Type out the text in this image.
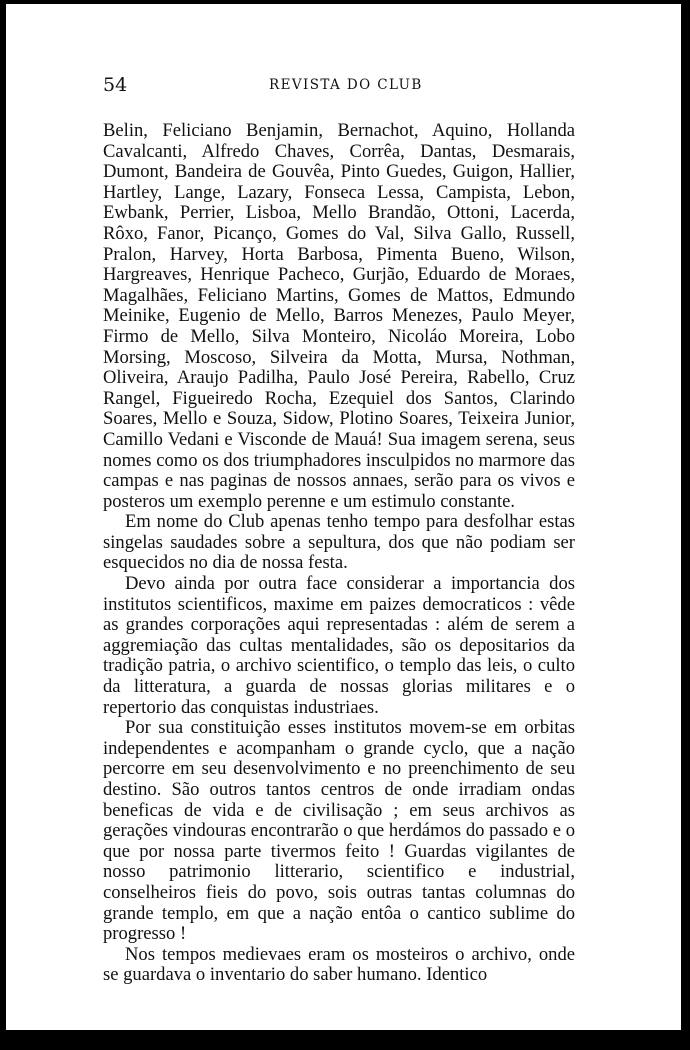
54	REVISTA DO CLUB

Belin, Feliciano Benjamin, Bernachot, Aquino, Hollanda Cavalcanti, Alfredo Chaves, Corrêa, Dantas, Desmarais, Dumont, Bandeira de Gouvêa, Pinto Guedes, Guigon, Hallier, Hartley, Lange, Lazary, Fonseca Lessa, Campista, Lebon, Ewbank, Perrier, Lisboa, Mello Brandão, Ottoni, Lacerda, Rôxo, Fanor, Picanço, Gomes do Val, Silva Gallo, Russell, Pralon, Harvey, Horta Barbosa, Pimenta Bueno, Wilson, Hargreaves, Henrique Pacheco, Gurjão, Eduardo de Moraes, Magalhães, Feliciano Martins, Gomes de Mattos, Edmundo Meinike, Eugenio de Mello, Barros Menezes, Paulo Meyer, Firmo de Mello, Silva Monteiro, Nicoláo Moreira, Lobo Morsing, Moscoso, Silveira da Motta, Mursa, Nothman, Oliveira, Araujo Padilha, Paulo José Pereira, Rabello, Cruz Rangel, Figueiredo Rocha, Ezequiel dos Santos, Clarindo Soares, Mello e Souza, Sidow, Plotino Soares, Teixeira Junior, Camillo Vedani e Visconde de Mauá! Sua imagem serena, seus nomes como os dos triumphadores insculpidos no marmore das campas e nas paginas de nossos annaes, serão para os vivos e posteros um exemplo perenne e um estimulo constante.

Em nome do Club apenas tenho tempo para desfolhar estas singelas saudades sobre a sepultura, dos que não podiam ser esquecidos no dia de nossa festa.

Devo ainda por outra face considerar a importancia dos institutos scientificos, maxime em paizes democraticos : vêde as grandes corporações aqui representadas : além de serem a aggremiação das cultas mentalidades, são os depositarios da tradição patria, o archivo scientifico, o templo das leis, o culto da litteratura, a guarda de nossas glorias militares e o repertorio das conquistas industriaes.

Por sua constituição esses institutos movem-se em orbitas independentes e acompanham o grande cyclo, que a nação percorre em seu desenvolvimento e no preenchimento de seu destino. São outros tantos centros de onde irradiam ondas beneficas de vida e de civilisação ; em seus archivos as gerações vindouras encontrarão o que herdámos do passado e o que por nossa parte tivermos feito ! Guardas vigilantes de nosso patrimonio litterario, scientifico e industrial, conselheiros fieis do povo, sois outras tantas columnas do grande templo, em que a nação entôa o cantico sublime do progresso !

Nos tempos medievaes eram os mosteiros o archivo, onde se guardava o inventario do saber humano. Identico
